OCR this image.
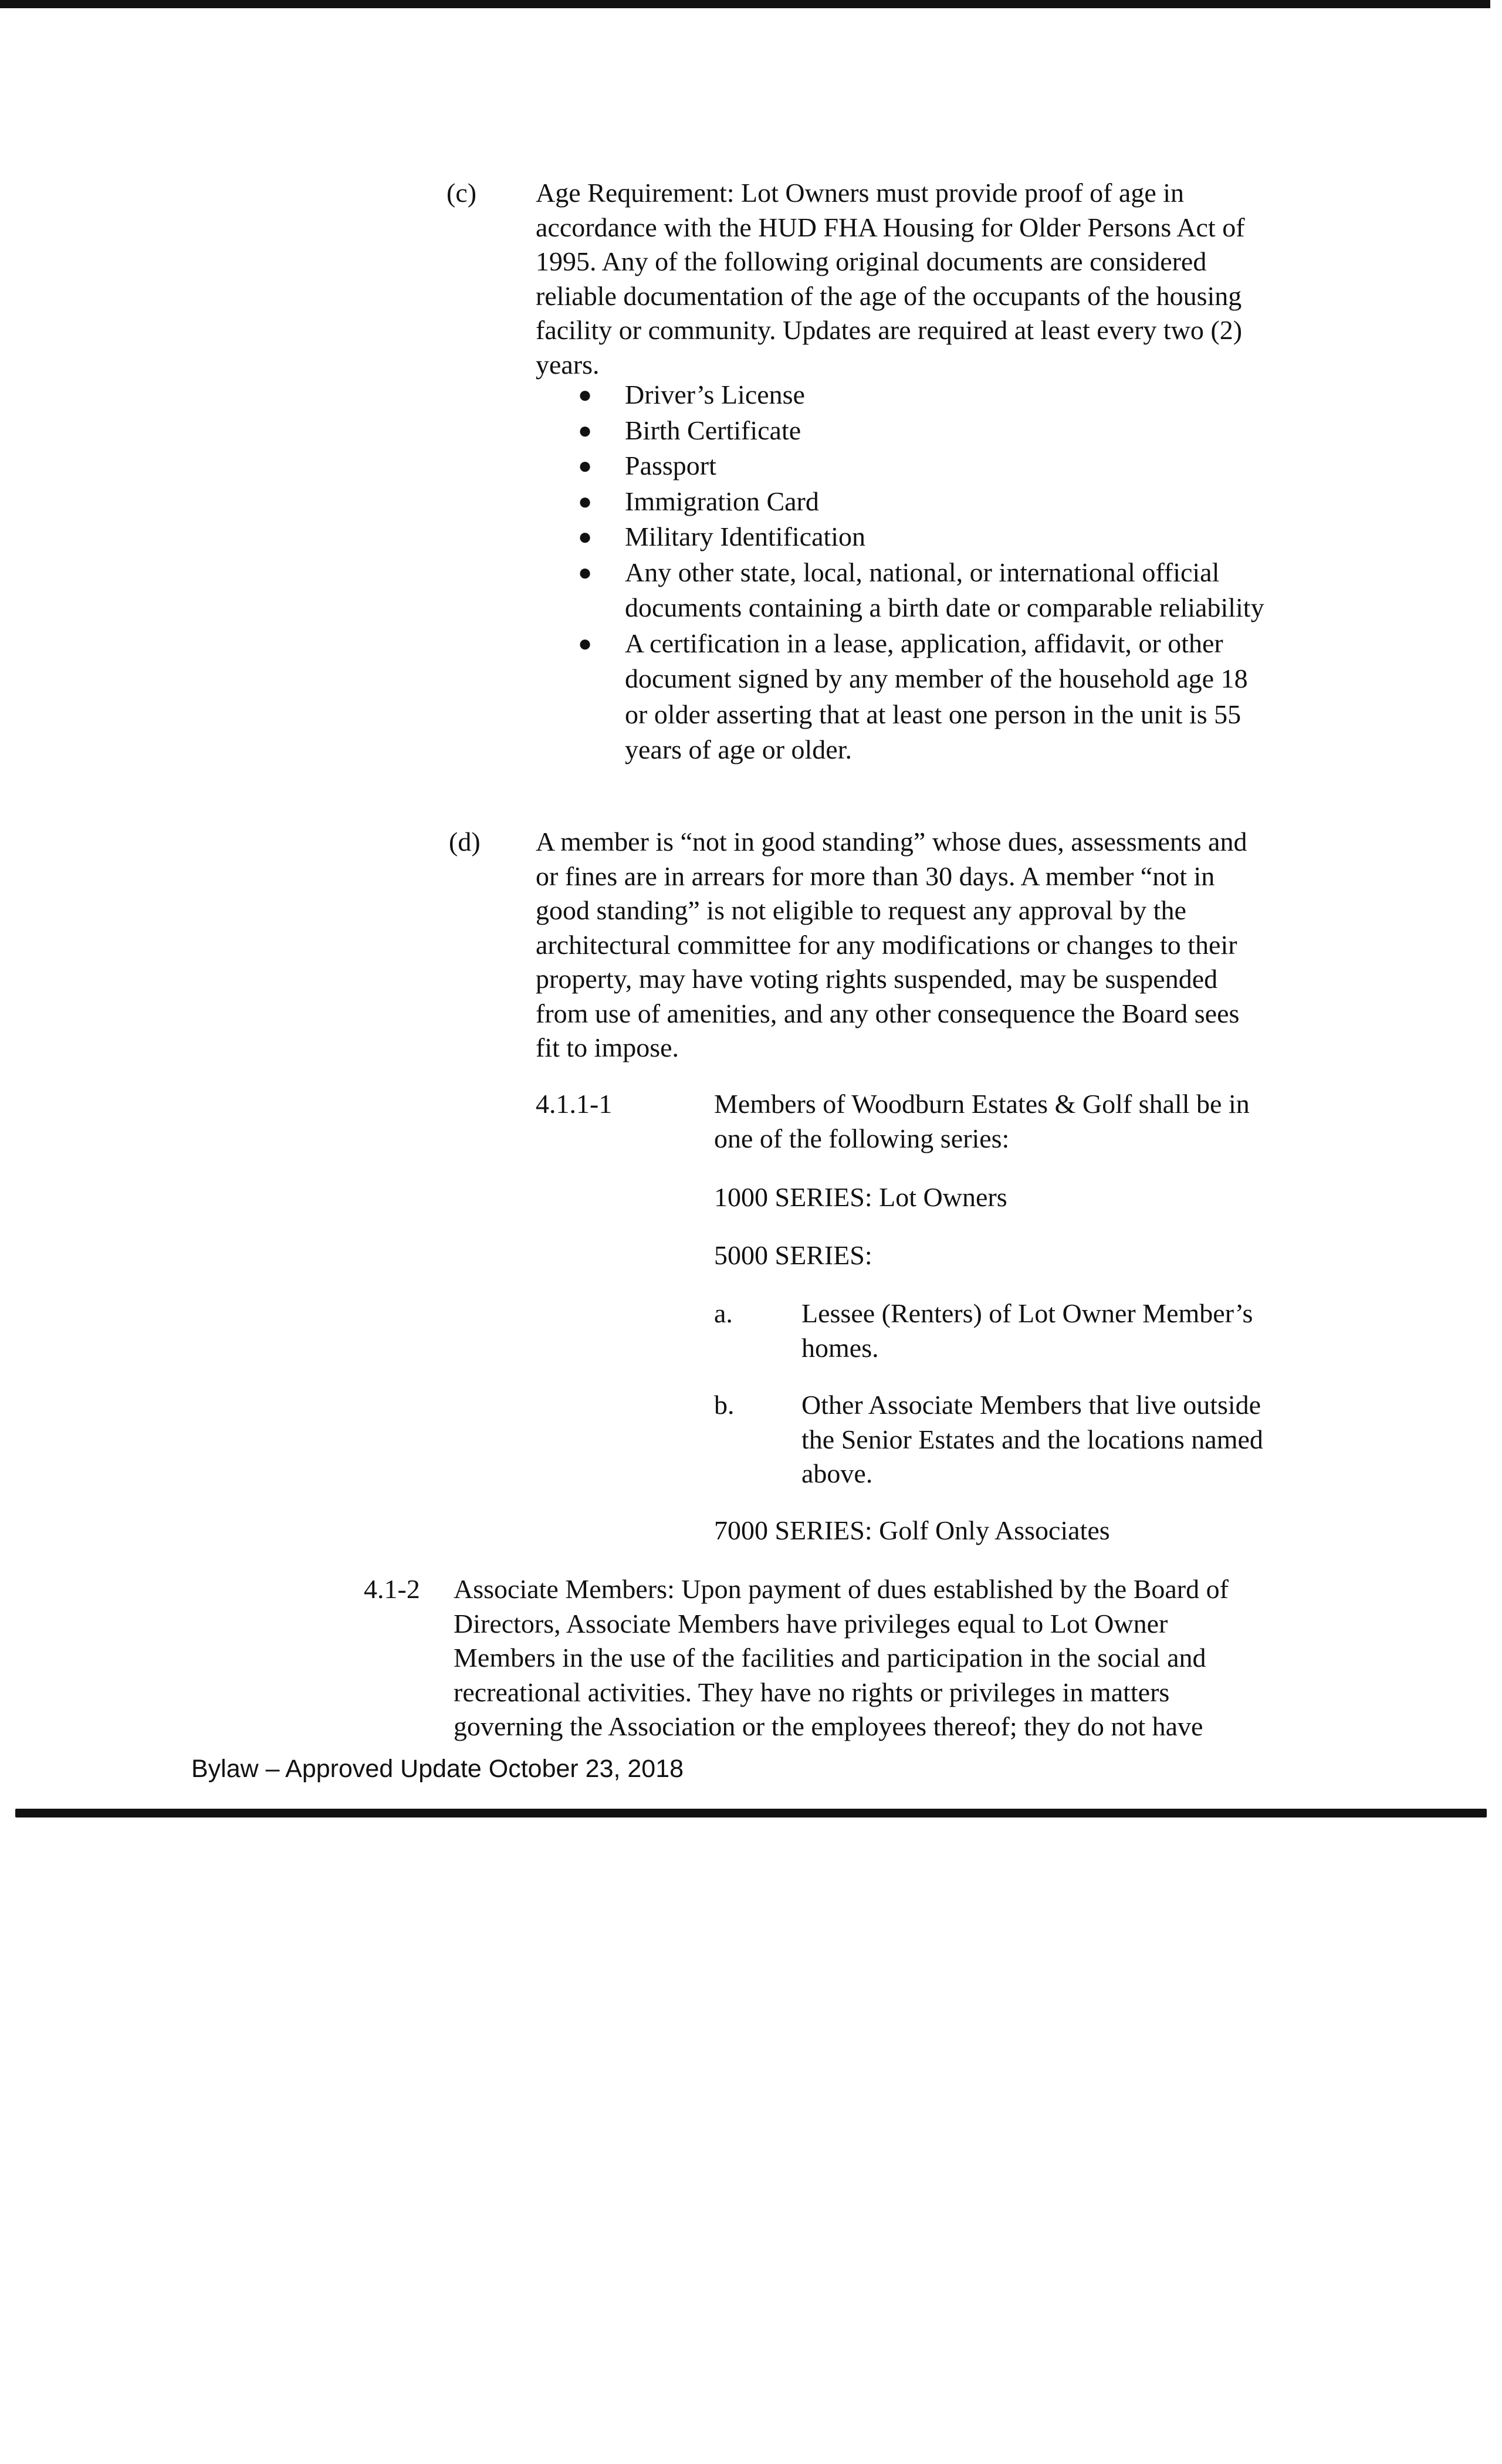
(c) Age Requirement: Lot Owners must provide proof of age in
accordance with the HUD FHA Housing for Older Persons Act of
1995. Any of the following original documents are considered
reliable documentation of the age of the occupants of the housing
facility or community. Updates are required at least every two (2)
years.
● Driver’s License
● Birth Certificate
● Passport
● Immigration Card
● Military Identification
● Any other state, local, national, or international official
documents containing a birth date or comparable reliability
● A certification in a lease, application, affidavit, or other
document signed by any member of the household age 18
or older asserting that at least one person in the unit is 55
years of age or older.
(d) A member is “not in good standing” whose dues, assessments and
or fines are in arrears for more than 30 days. A member “not in
good standing” is not eligible to request any approval by the
architectural committee for any modifications or changes to their
property, may have voting rights suspended, may be suspended
from use of amenities, and any other consequence the Board sees
fit to impose.
4.1.1-1	Members of Woodburn Estates & Golf shall be in
one of the following series:
1000 SERIES: Lot Owners
5000 SERIES:
a.	Lessee (Renters) of Lot Owner Member’s
homes.
b. Other Associate Members that live outside
the Senior Estates and the locations named
above.
7000 SERIES: Golf Only Associates
4.1-2 Associate Members: Upon payment of dues established by the Board of
Directors, Associate Members have privileges equal to Lot Owner
Members in the use of the facilities and participation in the social and
recreational activities. They have no rights or privileges in matters
governing the Association or the employees thereof; they do not have
Bylaw – Approved Update October 23, 2018
